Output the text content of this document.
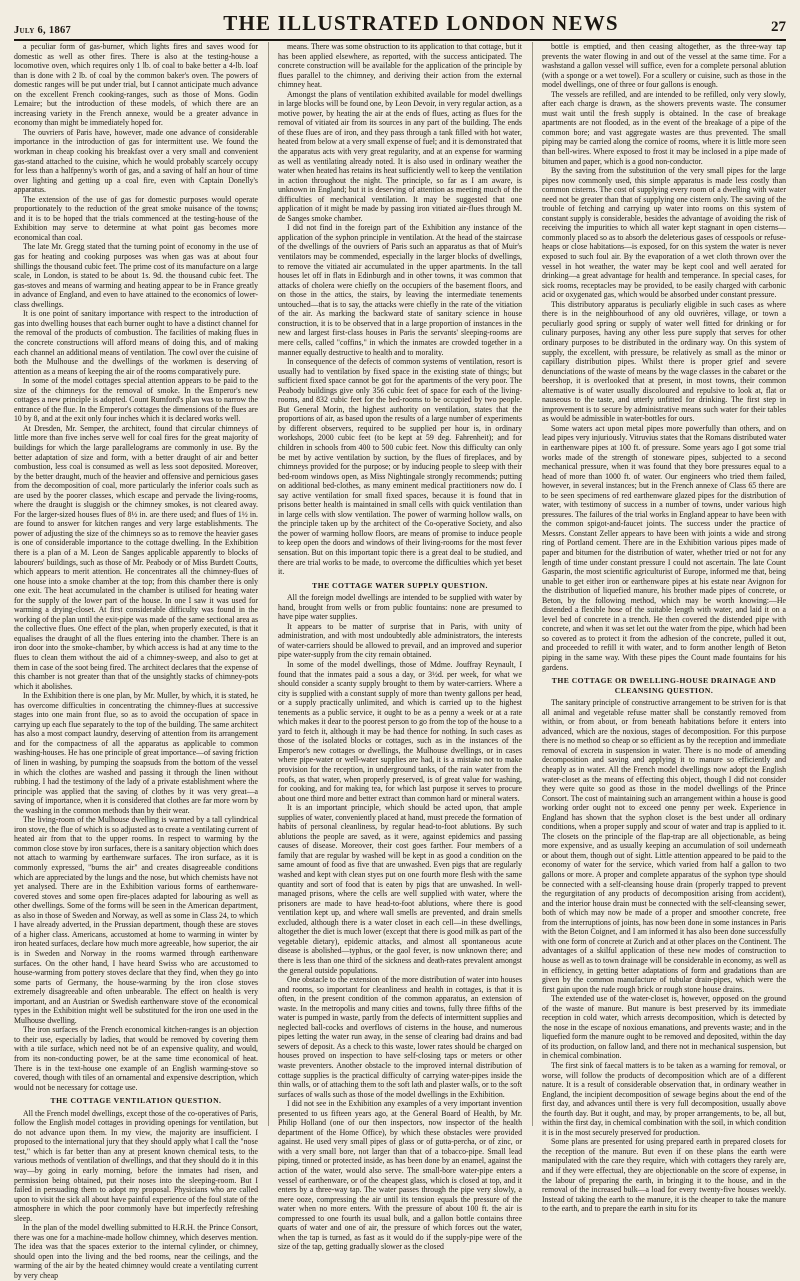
July 6, 1867	THE ILLUSTRATED LONDON NEWS	27

a peculiar form of gas-burner, which lights fires and saves wood for domestic as well as other fires. There is also at the testing-house a locomotive oven, which requires only 1 lb. of coal to bake better a 4-lb. loaf than is done with 2 lb. of coal by the common baker's oven. The powers of domestic ranges will be put under trial, but I cannot anticipate much advance on the excellent French cooking-ranges, such as those of Mons. Godin Lemaire; but the introduction of these models, of which there are an increasing variety in the French annexe, would be a greater advance in economy than might be immediately hoped for.

The ouvriers of Paris have, however, made one advance of considerable importance in the introduction of gas for intermittent use. We found the workman in cheap cooking his breakfast over a very small and convenient gas-stand attached to the cuisine, which he would probably scarcely occupy for less than a halfpenny's worth of gas, and a saving of half an hour of time over lighting and getting up a coal fire, even with Captain Donelly's apparatus.

The extension of the use of gas for domestic purposes would operate proportionately to the reduction of the great smoke nuisance of the towns; and it is to be hoped that the trials commenced at the testing-house of the Exhibition may serve to determine at what point gas becomes more economical than coal.

The late Mr. Gregg stated that the turning point of economy in the use of gas for heating and cooking purposes was when gas was at about four shillings the thousand cubic feet. The prime cost of its manufacture on a large scale, in London, is stated to be about 1s. 9d. the thousand cubic feet. The gas-stoves and means of warming and heating appear to be in France greatly in advance of England, and even to have attained to the economics of lower-class dwellings.

It is one point of sanitary importance with respect to the introduction of gas into dwelling houses that each burner ought to have a distinct channel for the removal of the products of combustion. The facilities of making flues in the concrete constructions will afford means of doing this, and of making each channel an additional means of ventilation. The cowl over the cuisine of both the Mulhouse and the dwellings of the workmen is deserving of attention as a means of keeping the air of the rooms comparatively pure.

In some of the model cottages special attention appears to be paid to the size of the chimneys for the removal of smoke. In the Emperor's new cottages a new principle is adopted. Count Rumford's plan was to narrow the entrance of the flue. In the Emperor's cottages the dimensions of the flues are 10 by 8, and at the exit only four inches which it is declared works well.

At Dresden, Mr. Semper, the architect, found that circular chimneys of little more than five inches serve well for coal fires for the great majority of buildings for which the large parallelograms are commonly in use. By the better adaptation of size and form, with a better draught of air and better combustion, less coal is consumed as well as less soot deposited. Moreover, by the better draught, much of the heavier and offensive and pernicious gases from the decomposition of coal, more particularly the inferior coals such as are used by the poorer classes, which escape and pervade the living-rooms, where the draught is sluggish or the chimney smokes, is not cleared away. For the larger-sized houses flues of 8½ in. are there used; and flues of 1½ in. are found to answer for kitchen ranges and very large establishments. The power of adjusting the size of the chimneys so as to remove the heavier gases is one of considerable importance to the cottage dwelling. In the Exhibition there is a plan of a M. Leon de Sanges applicable apparently to blocks of labourers' buildings, such as those of Mr. Peabody or of Miss Burdett Coutts, which appears to merit attention. He concentrates all the chimney-flues of one house into a smoke chamber at the top; from this chamber there is only one exit. The heat accumulated in the chamber is utilised for heating water for the supply of the lower part of the house. In one I saw it was used for warming a drying-closet. At first considerable difficulty was found in the working of the plan until the exit-pipe was made of the same sectional area as the collective flues. One effect of the plan, when properly executed, is that it equalises the draught of all the flues entering into the chamber. There is an iron door into the smoke-chamber, by which access is had at any time to the flues to clean them without the aid of a chimney-sweep, and also to get at them in case of the soot being fired. The architect declares that the expense of this chamber is not greater than that of the unsightly stacks of chimney-pots which it abolishes.

In the Exhibition there is one plan, by Mr. Muller, by which, it is stated, he has overcome difficulties in concentrating the chimney-flues at successive stages into one main front flue, so as to avoid the occupation of space in carrying up each flue separately to the top of the building. The same architect has also a most compact laundry, deserving of attention from its arrangement and for the compactness of all the apparatus as applicable to common washing-houses. He has one principle of great importance—of saving friction of linen in washing, by pumping the soapsuds from the bottom of the vessel in which the clothes are washed and passing it through the linen without rubbing. I had the testimony of the lady of a private establishment where the principle was applied that the saving of clothes by it was very great—a saving of importance, when it is considered that clothes are far more worn by the washing in the common methods than by their wear.

The living-room of the Mulhouse dwelling is warmed by a tall cylindrical iron stove, the flue of which is so adjusted as to create a ventilating current of heated air from that to the upper rooms. In respect to warming by the common close stove by iron surfaces, there is a sanitary objection which does not attach to warming by earthenware surfaces. The iron surface, as it is commonly expressed, "burns the air" and creates disagreeable conditions which are appreciated by the lungs and the nose, but which chemists have not yet analysed. There are in the Exhibition various forms of earthenware-covered stoves and some open fire-places adapted for labouring as well as other dwellings. Some of the forms will be seen in the American department, as also in those of Sweden and Norway, as well as some in Class 24, to which I have already adverted, in the Prussian department, though these are stoves of a higher class. Americans, accustomed at home to warming in winter by iron heated surfaces, declare how much more agreeable, how superior, the air is in Sweden and Norway in the rooms warmed through earthenware surfaces. On the other hand, I have heard Swiss who are accustomed to house-warming from pottery stoves declare that they find, when they go into some parts of Germany, the house-warming by the iron close stoves extremely disagreeable and often unbearable. The effect on health is very important, and an Austrian or Swedish earthenware stove of the economical types in the Exhibition might well be substituted for the iron one used in the Mulhouse dwelling.

The iron surfaces of the French economical kitchen-ranges is an objection to their use, especially by ladies, that would be removed by covering them with a tile surface, which need not be of an expensive quality, and would, from its non-conducting power, be at the same time economical of heat. There is in the text-house one example of an English warming-stove so covered, though with tiles of an ornamental and expensive description, which would not be necessary for cottage use.

THE COTTAGE VENTILATION QUESTION.

All the French model dwellings, except those of the co-operatives of Paris, follow the English model cottages in providing openings for ventilation, but do not advance upon them. In my view, the majority are insufficient. I proposed to the international jury that they should apply what I call the "nose test," which is far better than any at present known chemical tests, to the various methods of ventilation of dwellings, and that they should do it in this way—by going in early morning, before the inmates had risen, and permission being obtained, put their noses into the sleeping-room. But I failed in persuading them to adopt my proposal. Physicians who are called upon to visit the sick all about have painful experience of the foul state of the atmosphere in which the poor commonly have but imperfectly refreshing sleep.

In the plan of the model dwelling submitted to H.R.H. the Prince Consort, there was one for a machine-made hollow chimney, which deserves mention. The idea was that the spaces exterior to the internal cylinder, or chimney, should open into the living and the bed rooms, near the ceilings, and the warming of the air by the heated chimney would create a ventilating current by very cheap

means. There was some obstruction to its application to that cottage, but it has been applied elsewhere, as reported, with the success anticipated. The concrete construction will be available for the application of the principle by flues parallel to the chimney, and deriving their action from the external chimney heat.

Amongst the plans of ventilation exhibited available for model dwellings in large blocks will be found one, by Leon Devoir, in very regular action, as a motive power, by heating the air at the ends of flues, acting as flues for the removal of vitiated air from its sources in any part of the building. The ends of these flues are of iron, and they pass through a tank filled with hot water, heated from below at a very small expense of fuel; and it is demonstrated that the apparatus acts with very great regularity, and at an expense for warming as well as ventilating already noted. It is also used in ordinary weather the water when heated has retains its heat sufficiently well to keep the ventilation in action throughout the night. The principle, so far as I am aware, is unknown in England; but it is deserving of attention as meeting much of the difficulties of mechanical ventilation. It may be suggested that one application of it might be made by passing iron vitiated air-flues through M. de Sanges smoke chamber.

I did not find in the foreign part of the Exhibition any instance of the application of the syphon principle in ventilation. At the head of the staircase of the dwellings of the ouvriers of Paris such an apparatus as that of Muir's ventilators may be commended, especially in the larger blocks of dwellings, to remove the vitiated air accumulated in the upper apartments. In the tall houses let off in flats in Edinburgh and in other towns, it was common that attacks of cholera were chiefly on the occupiers of the basement floors, and on those in the attics, the stairs, by leaving the intermediate tenements untouched—that is to say, the attacks were chiefly in the rate of the vitiation of the air. As marking the backward state of sanitary science in house construction, it is to be observed that in a large proportion of instances in the new and largest first-class houses in Paris the servants' sleeping-rooms are mere cells, called "coffins," in which the inmates are crowded together in a manner equally destructive to health and to morality.

In consequence of the defects of common systems of ventilation, resort is usually had to ventilation by fixed space in the existing state of things; but sufficient fixed space cannot be got for the apartments of the very poor. The Peabody buildings give only 356 cubic feet of space for each of the living-rooms, and 832 cubic feet for the bed-rooms to be occupied by two people. But General Morin, the highest authority on ventilation, states that the proportions of air, as based upon the results of a large number of experiments by different observers, required to be supplied per hour is, in ordinary workshops, 2000 cubic feet (to be kept at 59 deg. Fahrenheit); and for children in schools from 400 to 500 cubic feet. Now this difficulty can only be met by active ventilation by suction, by the flues of fireplaces, and by chimneys provided for the purpose; or by inducing people to sleep with their bed-room windows open, as Miss Nightingale strongly recommends; putting on additional bed-clothes, as many eminent medical practitioners now do. I say active ventilation for small fixed spaces, because it is found that in prisons better health is maintained in small cells with quick ventilation than in large cells with slow ventilation. The power of warming hollow walls, on the principle taken up by the architect of the Co-operative Society, and also the power of warming hollow floors, are means of promise to induce people to keep open the doors and windows of their living-rooms for the most fever sensation. But on this important topic there is a great deal to be studied, and there are trial works to be made, to overcome the difficulties which yet beset it.

THE COTTAGE WATER SUPPLY QUESTION.

All the foreign model dwellings are intended to be supplied with water by hand, brought from wells or from public fountains: none are presumed to have pipe water supplies.

It appears to be matter of surprise that in Paris, with unity of administration, and with most undoubtedly able administrators, the interests of water-carriers should be allowed to prevail, and an improved and superior pipe water-supply from the city remain obtained.

In some of the model dwellings, those of Mdme. Jouffray Reynault, I found that the inmates paid a sous a day, or 3½d. per week, for what we should consider a scanty supply brought to them by water-carriers. Where a city is supplied with a constant supply of more than twenty gallons per head, or a supply practically unlimited, and which is carried up to the highest tenements as a public service, it ought to be as a penny a week or at a rate which makes it dear to the poorest person to go from the top of the house to a yard to fetch it, although it may be had thence for nothing. In such cases as those of the isolated blocks or cottages, such as in the instances of the Emperor's new cottages or dwellings, the Mulhouse dwellings, or in cases where pipe-water or well-water supplies are had, it is a mistake not to make provision for the reception, in underground tanks, of the rain water from the roofs, as that water, when properly preserved, is of great value for washing, for cooking, and for making tea, for which last purpose it serves to procure about one third more and better extract than common hard or mineral waters.

It is an important principle, which should be acted upon, that ample supplies of water, conveniently placed at hand, must precede the formation of habits of personal cleanliness, by regular head-to-foot ablutions. By such ablutions the people are saved, as it were, against epidemics and passing causes of disease. Moreover, their cost goes farther. Four members of a family that are regular by washed will be kept in as good a condition on the same amount of food as five that are unwashed. Even pigs that are regularly washed and kept with clean styes put on one fourth more flesh with the same quantity and sort of food that is eaten by pigs that are unwashed. In well-managed prisons, where the cells are well supplied with water, where the prisoners are made to have head-to-foot ablutions, where there is good ventilation kept up, and where wall smells are prevented, and drain smells excluded, although there is a water closet in each cell—in these dwellings, altogether the diet is much lower (except that there is good milk as part of the vegetable dietary), epidemic attacks, and almost all spontaneous acute disease is abolished—typhus, or the gaol fever, is now unknown there; and there is less than one third of the sickness and death-rates prevalent amongst the general outside populations.

One obstacle to the extension of the more distribution of water into houses and rooms, so important for cleanliness and health in cottages, is that it is often, in the present condition of the common apparatus, an extension of waste. In the metropolis and many cities and towns, fully three fifths of the water is pumped in waste, partly from the defects of intermittent supplies and neglected ball-cocks and overflows of cisterns in the house, and numerous pipes letting the water run away, in the sense of clearing bad drains and bad sewers of deposit. As a check to this waste, lower rates should be charged on houses proved on inspection to have self-closing taps or meters or other waste preventers. Another obstacle to the improved internal distribution of cottage supplies is the practical difficulty of carrying water-pipes inside the thin walls, or of attaching them to the soft lath and plaster walls, or to the soft surfaces of walls such as those of the model dwellings in the Exhibition.

I did not see in the Exhibition any examples of a very important invention presented to us fifteen years ago, at the General Board of Health, by Mr. Philip Holland (one of our then inspectors, now inspector of the health department of the Home Office), by which these obstacles were provided against. He used very small pipes of glass or of gutta-percha, or of zinc, or with a very small bore, not larger than that of a tobacco-pipe. Small lead piping, tinned or protected inside, as has been done by an enamel, against the action of the water, would also serve. The small-bore water-pipe enters a vessel of earthenware, or of the cheapest glass, which is closed at top, and it enters by a three-way tap. The water passes through the pipe very slowly, a mere ooze, compressing the air until its tension equals the pressure of the water when no more enters. With the pressure of about 100 ft. the air is compressed to one fourth its usual bulk, and a gallon bottle contains three quarts of water and one of air, the pressure of which forces out the water, when the tap is turned, as fast as it would do if the supply-pipe were of the size of the tap, getting gradually slower as the closed

bottle is emptied, and then ceasing altogether, as the three-way tap prevents the water flowing in and out of the vessel at the same time. For a washstand a gallon vessel will suffice, even for a complete personal ablution (with a sponge or a wet towel). For a scullery or cuisine, such as those in the model dwellings, one of three or four gallons is enough.

The vessels are refilled, and are intended to be refilled, only very slowly, after each charge is drawn, as the showers prevents waste. The consumer must wait until the fresh supply is obtained. In the case of breakage apartments are not flooded, as in the event of the breakage of a pipe of the common bore; and vast aggregate wastes are thus prevented. The small piping may be carried along the cornice of rooms, where it is little more seen than bell-wires. Where exposed to frost it may be inclosed in a pipe made of bitumen and paper, which is a good non-conductor.

By the saving from the substitution of the very small pipes for the large pipes now commonly used, this simple apparatus is made less costly than common cisterns. The cost of supplying every room of a dwelling with water need not be greater than that of supplying one cistern only. The saving of the trouble of fetching and carrying up water into rooms on this system of constant supply is considerable, besides the advantage of avoiding the risk of receiving the impurities to which all water kept stagnant in open cisterns—commonly placed so as to absorb the deleterious gases of cesspools or refuse-heaps or close habitations—is exposed, for on this system the water is never exposed to such foul air. By the evaporation of a wet cloth thrown over the vessel in hot weather, the water may be kept cool and well aerated for drinking—a great advantage for health and temperance. In special cases, for sick rooms, receptacles may be provided, to be easily charged with carbonic acid or oxygenated gas, which would be absorbed under constant pressure.

This distributory apparatus is peculiarly eligible in such cases as where there is in the neighbourhood of any old ouvrières, village, or town a peculiarly good spring or supply of water well fitted for drinking or for culinary purposes, having any other less pure supply that serves for other ordinary purposes to be distributed in the ordinary way. On this system of supply, the excellent, with pressure, be relatively as small as the minor or capillary distribution pipes. Whilst there is proper grief and severe denunciations of the waste of means by the wage classes in the cabaret or the beershop, it is overlooked that at present, in most towns, their common alternative is of water usually discoloured and repulsive to look at, flat or nauseous to the taste, and utterly unfitted for drinking. The first step in improvement is to secure by administrative means such water for their tables as would be admissible in water-bottles for ours.

Some waters act upon metal pipes more powerfully than others, and on lead pipes very injuriously. Vitruvius states that the Romans distributed water in earthenware pipes at 100 ft. of pressure. Some years ago I got some trial works made of the strength of stoneware pipes, subjected to a second mechanical pressure, when it was found that they bore pressures equal to a head of more than 1000 ft. of water. Our engineers who tried them failed, however, in several instances; but in the French annexe of Class 65 there are to be seen specimens of red earthenware glazed pipes for the distribution of water, with testimony of success in a number of towns, under various high pressures. The failures of the trial works in England appear to have been with the common spigot-and-faucet joints. The success under the practice of Messrs. Constant Zeller appears to have been with joints a wide and strong ring of Portland cement. There are in the Exhibition various pipes made of paper and bitumen for the distribution of water, whether tried or not for any length of time under constant pressure I could not ascertain. The late Count Gasparin, the most scientific agriculturist of Europe, informed me that, being unable to get either iron or earthenware pipes at his estate near Avignon for the distribution of liquefied manure, his brother made pipes of concrete, or Beton, by the following method, which may be worth knowing:—He distended a flexible hose of the suitable length with water, and laid it on a level bed of concrete in a trench. He then covered the distended pipe with concrete, and when it was set let out the water from the pipe, which had been so covered as to protect it from the adhesion of the concrete, pulled it out, and proceeded to refill it with water, and to form another length of Beton piping in the same way. With these pipes the Count made fountains for his gardens.

THE COTTAGE OR DWELLING-HOUSE DRAINAGE AND CLEANSING QUESTION.

The sanitary principle of constructive arrangement to be striven for is that all animal and vegetable refuse matter shall be constantly removed from within, or from about, or from beneath habitations before it enters into advanced, which are the noxious, stages of decomposition. For this purpose there is no method so cheap or so efficient as by the reception and immediate removal of excreta in suspension in water. There is no mode of amending decomposition and saving and applying it to manure so efficiently and cheaply as in water. All the French model dwellings now adopt the English water-closet as the means of effecting this object, though I did not consider they were quite so good as those in the model dwellings of the Prince Consort. The cost of maintaining such an arrangement within a house is good working order ought not to exceed one penny per week. Experience in England has shown that the syphon closet is the best under all ordinary conditions, when a proper supply and scour of water and trap is applied to it. The closets on the principle of the flap-trap are all objectionable, as being more expensive, and as usually keeping an accumulation of soil underneath or about them, though out of sight. Little attention appeared to be paid to the economy of water for the service, which varied from half a gallon to two gallons or more. A proper and complete apparatus of the syphon type should be connected with a self-cleansing house drain (properly trapped to prevent the regurgitation of any products of decomposition arising from accident), and the interior house drain must be connected with the self-cleansing sewer, both of which may now be made of a proper and smoother concrete, free from the interruptions of joints, has now been done in some instances in Paris with the Beton Coignet, and I am informed it has also been done successfully with one form of concrete at Zurich and at other places on the Continent. The advantages of a skilful application of these new modes of construction to house as well as to town drainage will be considerable in economy, as well as in efficiency, in getting better adaptations of form and gradations than are given by the common manufacture of tubular drain-pipes, which were the first gain upon the rude rough brick or rough stone house drains.

The extended use of the water-closet is, however, opposed on the ground of the waste of manure. But manure is best preserved by its immediate reception in cold water, which arrests decomposition, which is detected by the nose in the escape of noxious emanations, and prevents waste; and in the liquefied form the manure ought to be removed and deposited, within the day of its production, on fallow land, and there not in mechanical suspension, but in chemical combination.

The first sink of faecal matters is to be taken as a warning for removal, or worse, will follow the products of decomposition which are of a different nature. It is a result of considerable observation that, in ordinary weather in England, the incipient decomposition of sewage begins about the end of the first day, and advances until there is very full decomposition, usually above the fourth day. But it ought, and may, by proper arrangements, to be, all but, within the first day, in chemical combination with the soil, in which condition it is in the most securely preserved for production.

Some plans are presented for using prepared earth in prepared closets for the reception of the manure. But even if on these plans the earth were manipulated with the care they require, which with cottagers they rarely are, and if they were effectual, they are objectionable on the score of expense, in the labour of preparing the earth, in bringing it to the house, and in the removal of the increased bulk—a load for every twenty-five houses weekly. Instead of taking the earth to the manure, it is the cheaper to take the manure to the earth, and to prepare the earth in situ for its
